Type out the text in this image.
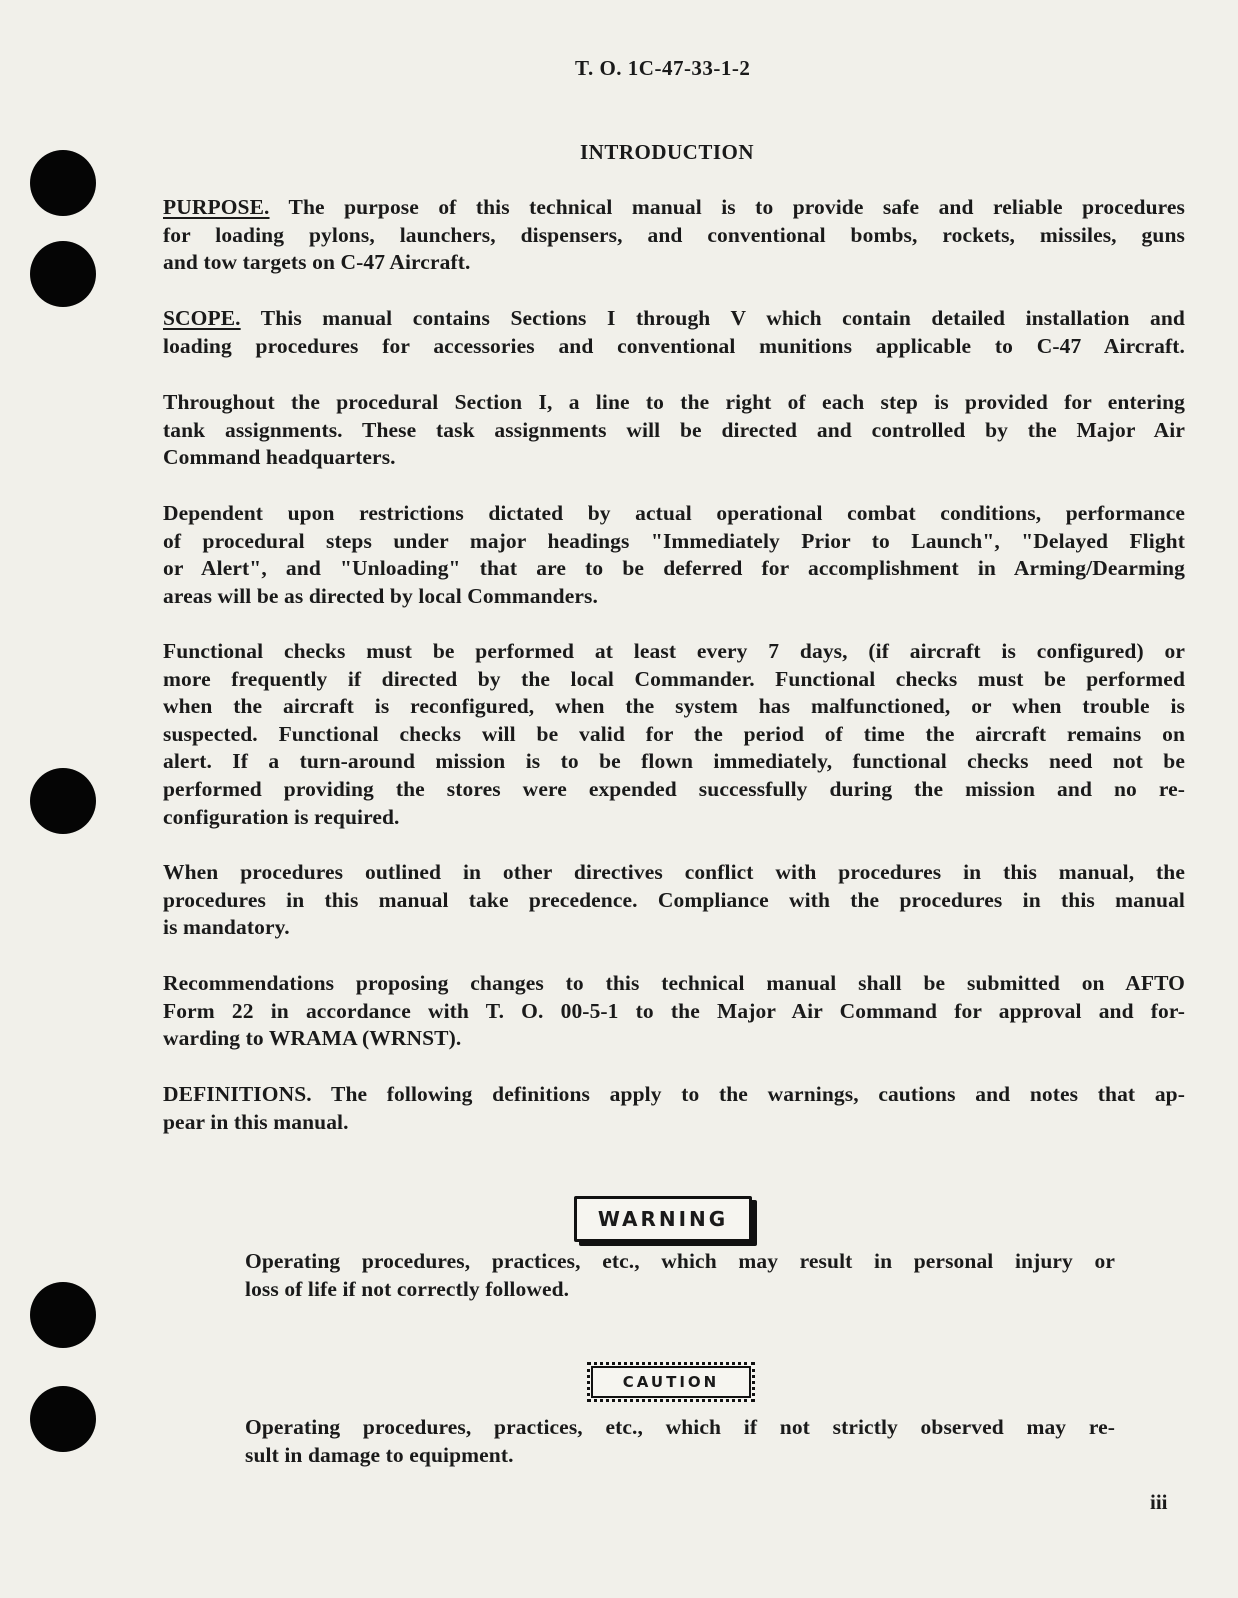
T. O. 1C-47-33-1-2
INTRODUCTION
PURPOSE. The purpose of this technical manual is to provide safe and reliable procedures
for loading pylons, launchers, dispensers, and conventional bombs, rockets, missiles, guns
and tow targets on C-47 Aircraft.
SCOPE. This manual contains Sections I through V which contain detailed installation and
loading procedures for accessories and conventional munitions applicable to C-47 Aircraft.
Throughout the procedural Section I, a line to the right of each step is provided for entering
tank assignments. These task assignments will be directed and controlled by the Major Air
Command headquarters.
Dependent upon restrictions dictated by actual operational combat conditions, performance
of procedural steps under major headings "Immediately Prior to Launch", "Delayed Flight
or Alert", and "Unloading" that are to be deferred for accomplishment in Arming/Dearming
areas will be as directed by local Commanders.
Functional checks must be performed at least every 7 days, (if aircraft is configured) or
more frequently if directed by the local Commander. Functional checks must be performed
when the aircraft is reconfigured, when the system has malfunctioned, or when trouble is
suspected. Functional checks will be valid for the period of time the aircraft remains on
alert. If a turn-around mission is to be flown immediately, functional checks need not be
performed providing the stores were expended successfully during the mission and no re-
configuration is required.
When procedures outlined in other directives conflict with procedures in this manual, the
procedures in this manual take precedence. Compliance with the procedures in this manual
is mandatory.
Recommendations proposing changes to this technical manual shall be submitted on AFTO
Form 22 in accordance with T. O. 00-5-1 to the Major Air Command for approval and for-
warding to WRAMA (WRNST).
DEFINITIONS. The following definitions apply to the warnings, cautions and notes that ap-
pear in this manual.
WARNING
Operating procedures, practices, etc., which may result in personal injury or
loss of life if not correctly followed.
CAUTION
Operating procedures, practices, etc., which if not strictly observed may re-
sult in damage to equipment.
iii
